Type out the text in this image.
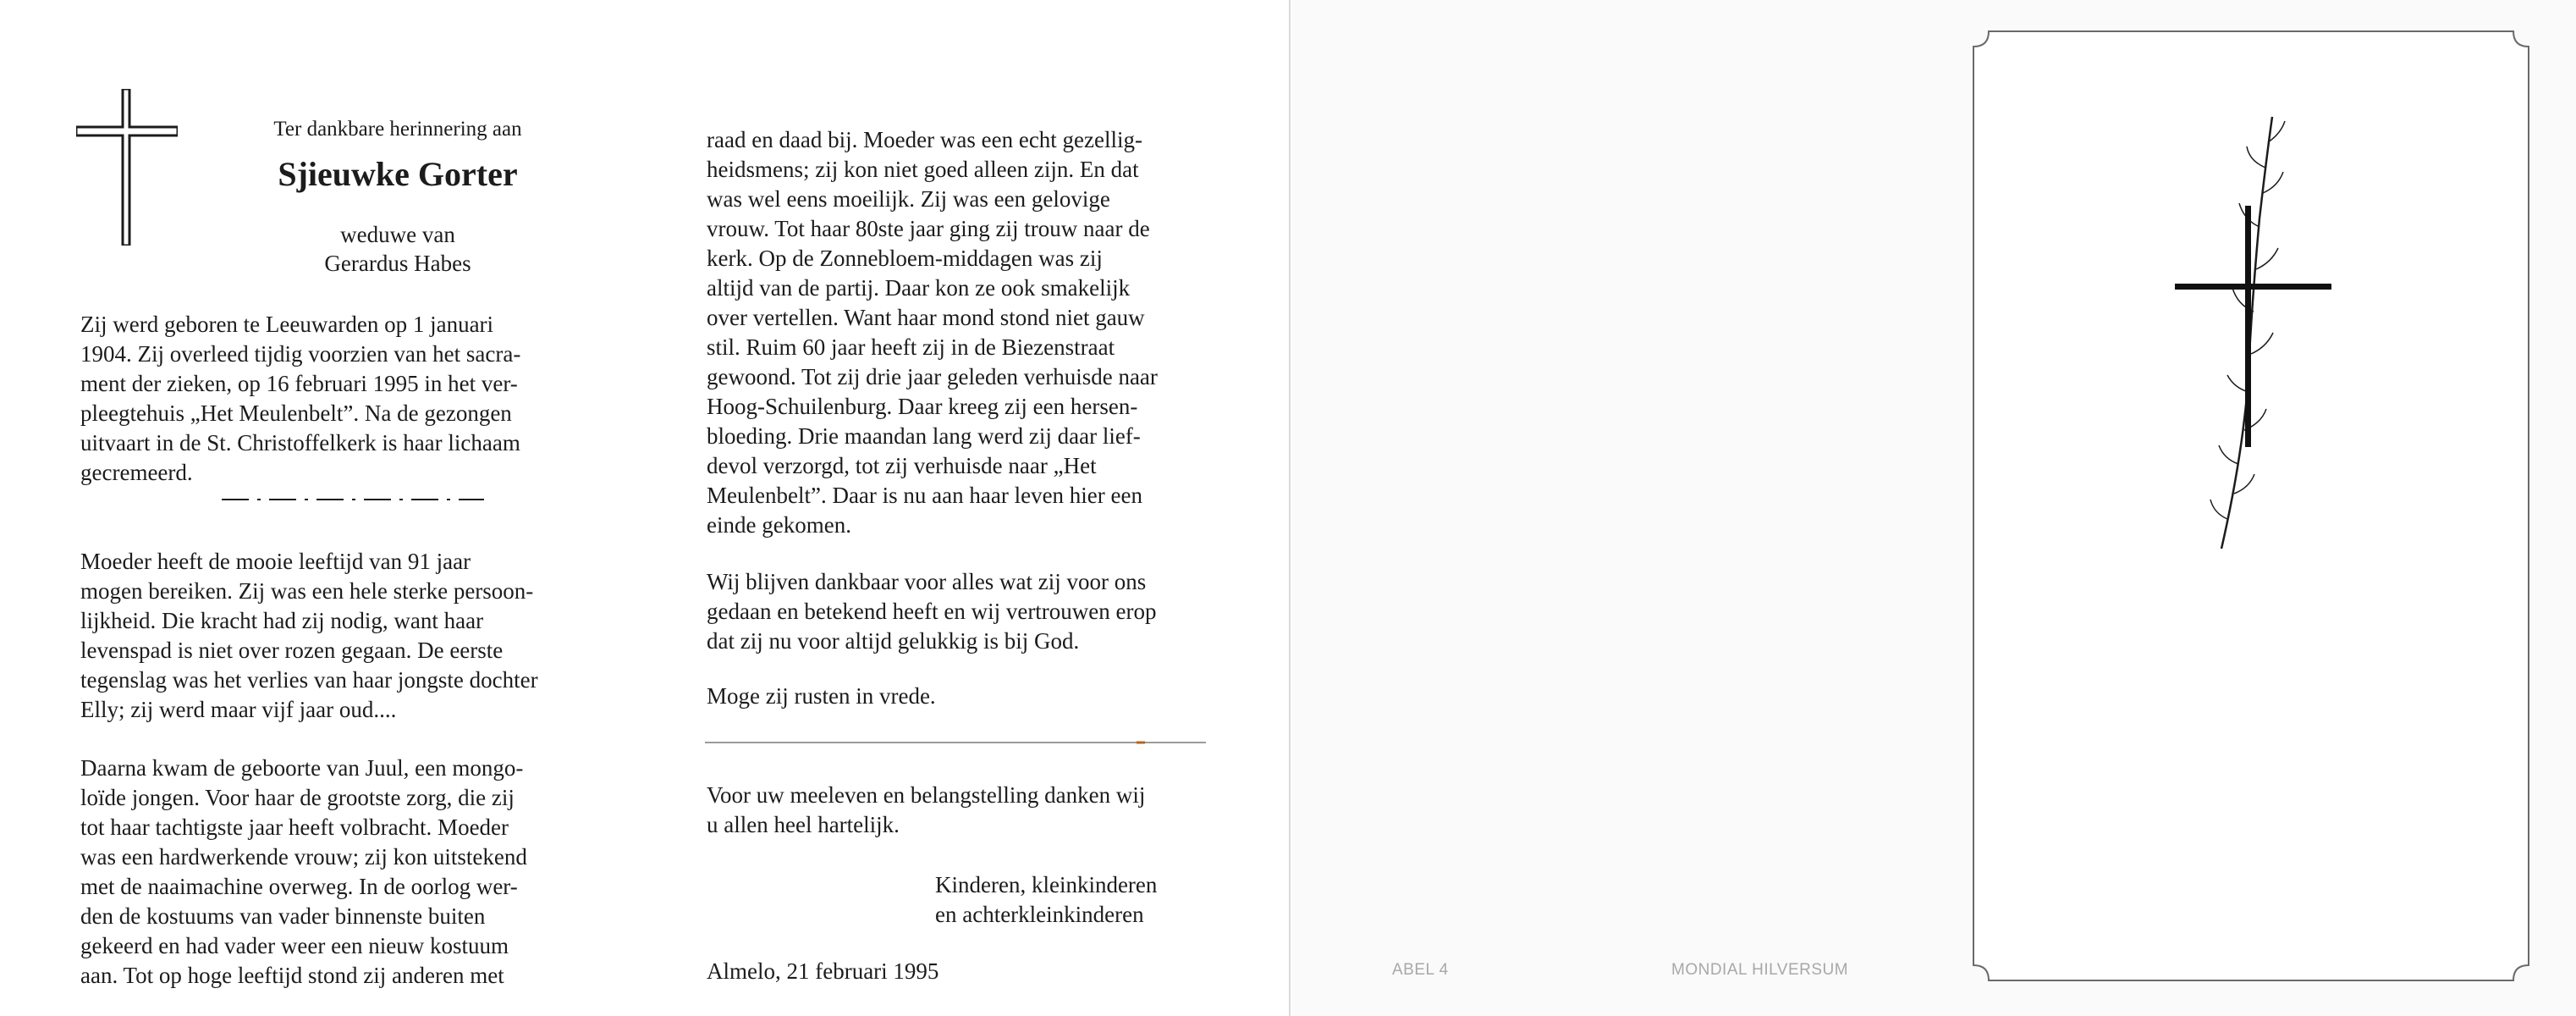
Ter dankbare herinnering aan
Sjieuwke Gorter
weduwe van
Gerardus Habes

Zij werd geboren te Leeuwarden op 1 januari

1904. Zij overleed tijdig voorzien van het sacra-

ment der zieken, op 16 februari 1995 in het ver-

pleegtehuis „Het Meulenbelt”. Na de gezongen

uitvaart in de St. Christoffelkerk is haar lichaam

gecremeerd.

Moeder heeft de mooie leeftijd van 91 jaar

mogen bereiken. Zij was een hele sterke persoon-

lijkheid. Die kracht had zij nodig, want haar

levenspad is niet over rozen gegaan. De eerste

tegenslag was het verlies van haar jongste dochter

Elly; zij werd maar vijf jaar oud....

Daarna kwam de geboorte van Juul, een mongo-

loïde jongen. Voor haar de grootste zorg, die zij

tot haar tachtigste jaar heeft volbracht. Moeder

was een hardwerkende vrouw; zij kon uitstekend

met de naaimachine overweg. In de oorlog wer-

den de kostuums van vader binnenste buiten

gekeerd en had vader weer een nieuw kostuum

aan. Tot op hoge leeftijd stond zij anderen met

raad en daad bij. Moeder was een echt gezellig-

heidsmens; zij kon niet goed alleen zijn. En dat

was wel eens moeilijk. Zij was een gelovige

vrouw. Tot haar 80ste jaar ging zij trouw naar de

kerk. Op de Zonnebloem-middagen was zij

altijd van de partij. Daar kon ze ook smakelijk

over vertellen. Want haar mond stond niet gauw

stil. Ruim 60 jaar heeft zij in de Biezenstraat

gewoond. Tot zij drie jaar geleden verhuisde naar

Hoog-Schuilenburg. Daar kreeg zij een hersen-

bloeding. Drie maandan lang werd zij daar lief-

devol verzorgd, tot zij verhuisde naar „Het

Meulenbelt”. Daar is nu aan haar leven hier een

einde gekomen.

Wij blijven dankbaar voor alles wat zij voor ons

gedaan en betekend heeft en wij vertrouwen erop

dat zij nu voor altijd gelukkig is bij God.

Moge zij rusten in vrede.

Voor uw meeleven en belangstelling danken wij

u allen heel hartelijk.

Kinderen, kleinkinderen
en achterkleinkinderen
Almelo, 21 februari 1995	ABEL 4	MONDIAL HILVERSUM
